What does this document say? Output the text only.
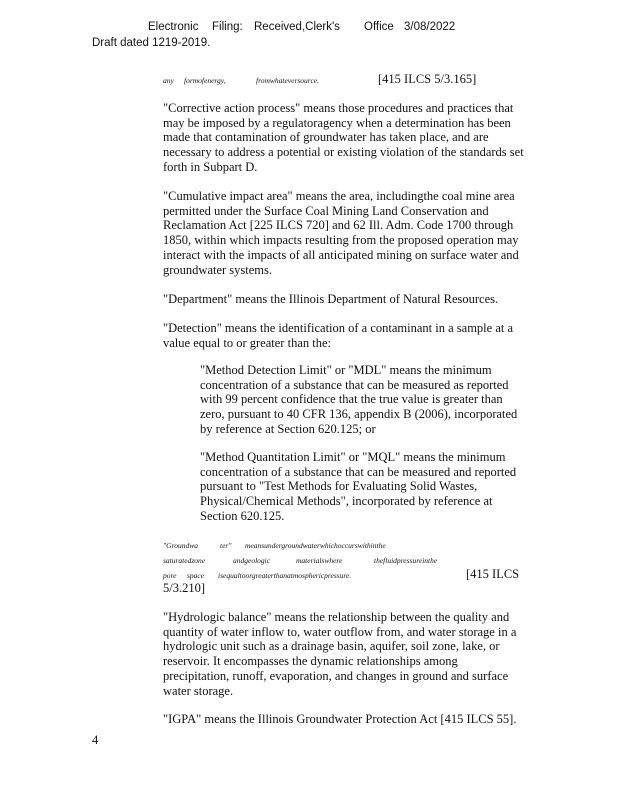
Electronic Filing: Received,Clerk's Office 3/08/2022
Draft dated 1219-2019.
any formofenergy,	fromwhateversource.	[415 ILCS 5/3.165]

"Corrective action process" means those procedures and practices that

may be imposed by a regulatoragency when a determination has been

made that contamination of groundwater has taken place, and are

necessary to address a potential or existing violation of the standards set

forth in Subpart D.

"Cumulative impact area" means the area, includingthe coal mine area

permitted under the Surface Coal Mining Land Conservation and

Reclamation Act [225 ILCS 720] and 62 Ill. Adm. Code 1700 through

1850, within which impacts resulting from the proposed operation may

interact with the impacts of all anticipated mining on surface water and

groundwater systems.

"Department" means the Illinois Department of Natural Resources.

"Detection" means the identification of a contaminant in a sample at a

value equal to or greater than the:

"Method Detection Limit" or "MDL" means the minimum

concentration of a substance that can be measured as reported

with 99 percent confidence that the true value is greater than

zero, pursuant to 40 CFR 136, appendix B (2006), incorporated

by reference at Section 620.125; or

"Method Quantitation Limit" or "MQL" means the minimum

concentration of a substance that can be measured and reported

pursuant to "Test Methods for Evaluating Solid Wastes,

Physical/Chemical Methods", incorporated by reference at

Section 620.125.

"Groundwa	ter" meansundergroundwaterwhichoccurswithinthe
saturatedzone	andgeologic	materialswhere	thefluidpressureinthe
pore space isequaltoorgreaterthanatmosphericpressure.	[415 ILCS
5/3.210]

"Hydrologic balance" means the relationship between the quality and

quantity of water inflow to, water outflow from, and water storage in a

hydrologic unit such as a drainage basin, aquifer, soil zone, lake, or

reservoir. It encompasses the dynamic relationships among

precipitation, runoff, evaporation, and changes in ground and surface

water storage.

"IGPA" means the Illinois Groundwater Protection Act [415 ILCS 55].

4
